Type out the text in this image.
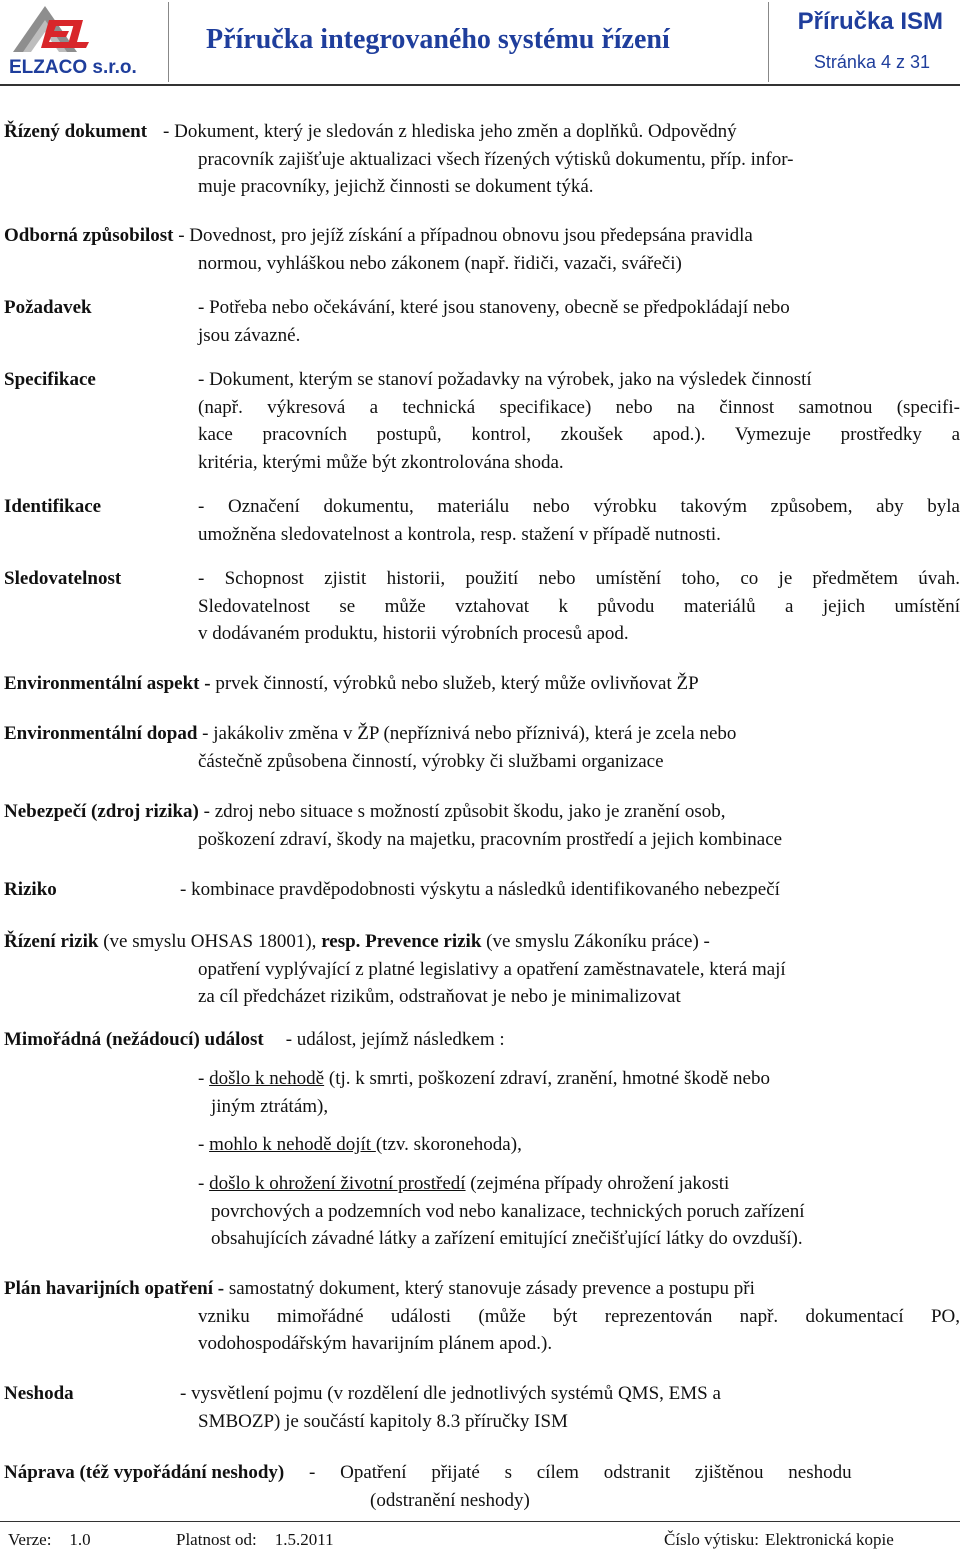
ELZACO s.r.o.
Příručka integrovaného systému řízení
Příručka ISM
Stránka 4 z 31
Řízený dokument - Dokument, který je sledován z hlediska jeho změn a doplňků. Odpovědný
pracovník zajišťuje aktualizaci všech řízených výtisků dokumentu, příp. infor-
muje pracovníky, jejichž činnosti se dokument týká.
Odborná způsobilost - Dovednost, pro jejíž získání a případnou obnovu jsou předepsána pravidla
normou, vyhláškou nebo zákonem (např. řidiči, vazači, svářeči)
Požadavek	- Potřeba nebo očekávání, které jsou stanoveny, obecně se předpokládají nebo
jsou závazné.
Specifikace	- Dokument, kterým se stanoví požadavky na výrobek, jako na výsledek činností
(např. výkresová a technická specifikace) nebo na činnost samotnou (specifi-
kace pracovních postupů, kontrol, zkoušek apod.). Vymezuje prostředky a
kritéria, kterými může být zkontrolována shoda.
Identifikace	- Označení dokumentu, materiálu nebo výrobku takovým způsobem, aby byla
umožněna sledovatelnost a kontrola, resp. stažení v případě nutnosti.
Sledovatelnost	- Schopnost zjistit historii, použití nebo umístění toho, co je předmětem úvah.
Sledovatelnost se může vztahovat k původu materiálů a jejich umístění
v dodávaném produktu, historii výrobních procesů apod.
Environmentální aspekt - prvek činností, výrobků nebo služeb, který může ovlivňovat ŽP
Environmentální dopad - jakákoliv změna v ŽP (nepříznivá nebo příznivá), která je zcela nebo
částečně způsobena činností, výrobky či službami organizace
Nebezpečí (zdroj rizika) - zdroj nebo situace s možností způsobit škodu, jako je zranění osob,
poškození zdraví, škody na majetku, pracovním prostředí a jejich kombinace
Riziko	- kombinace pravděpodobnosti výskytu a následků identifikovaného nebezpečí
Řízení rizik (ve smyslu OHSAS 18001), resp. Prevence rizik (ve smyslu Zákoníku práce) -
opatření vyplývající z platné legislativy a opatření zaměstnavatele, která mají
za cíl předcházet rizikům, odstraňovat je nebo je minimalizovat
Mimořádná (nežádoucí) událost - událost, jejímž následkem :
- došlo k nehodě (tj. k smrti, poškození zdraví, zranění, hmotné škodě nebo
jiným ztrátám),
- mohlo k nehodě dojít (tzv. skoronehoda),
- došlo k ohrožení životní prostředí (zejména případy ohrožení jakosti
povrchových a podzemních vod nebo kanalizace, technických poruch zařízení
obsahujících závadné látky a zařízení emitující znečišťující látky do ovzduší).
Plán havarijních opatření - samostatný dokument, který stanovuje zásady prevence a postupu při
vzniku mimořádné události (může být reprezentován např. dokumentací PO,
vodohospodářským havarijním plánem apod.).
Neshoda	- vysvětlení pojmu (v rozdělení dle jednotlivých systémů QMS, EMS a
SMBOZP) je součástí kapitoly 8.3 příručky ISM
Náprava (též vypořádání neshody) - Opatření přijaté s cílem odstranit zjištěnou neshodu
(odstranění neshody)
Verze: 1.0	Platnost od: 1.5.2011	Číslo výtisku: Elektronická kopie
